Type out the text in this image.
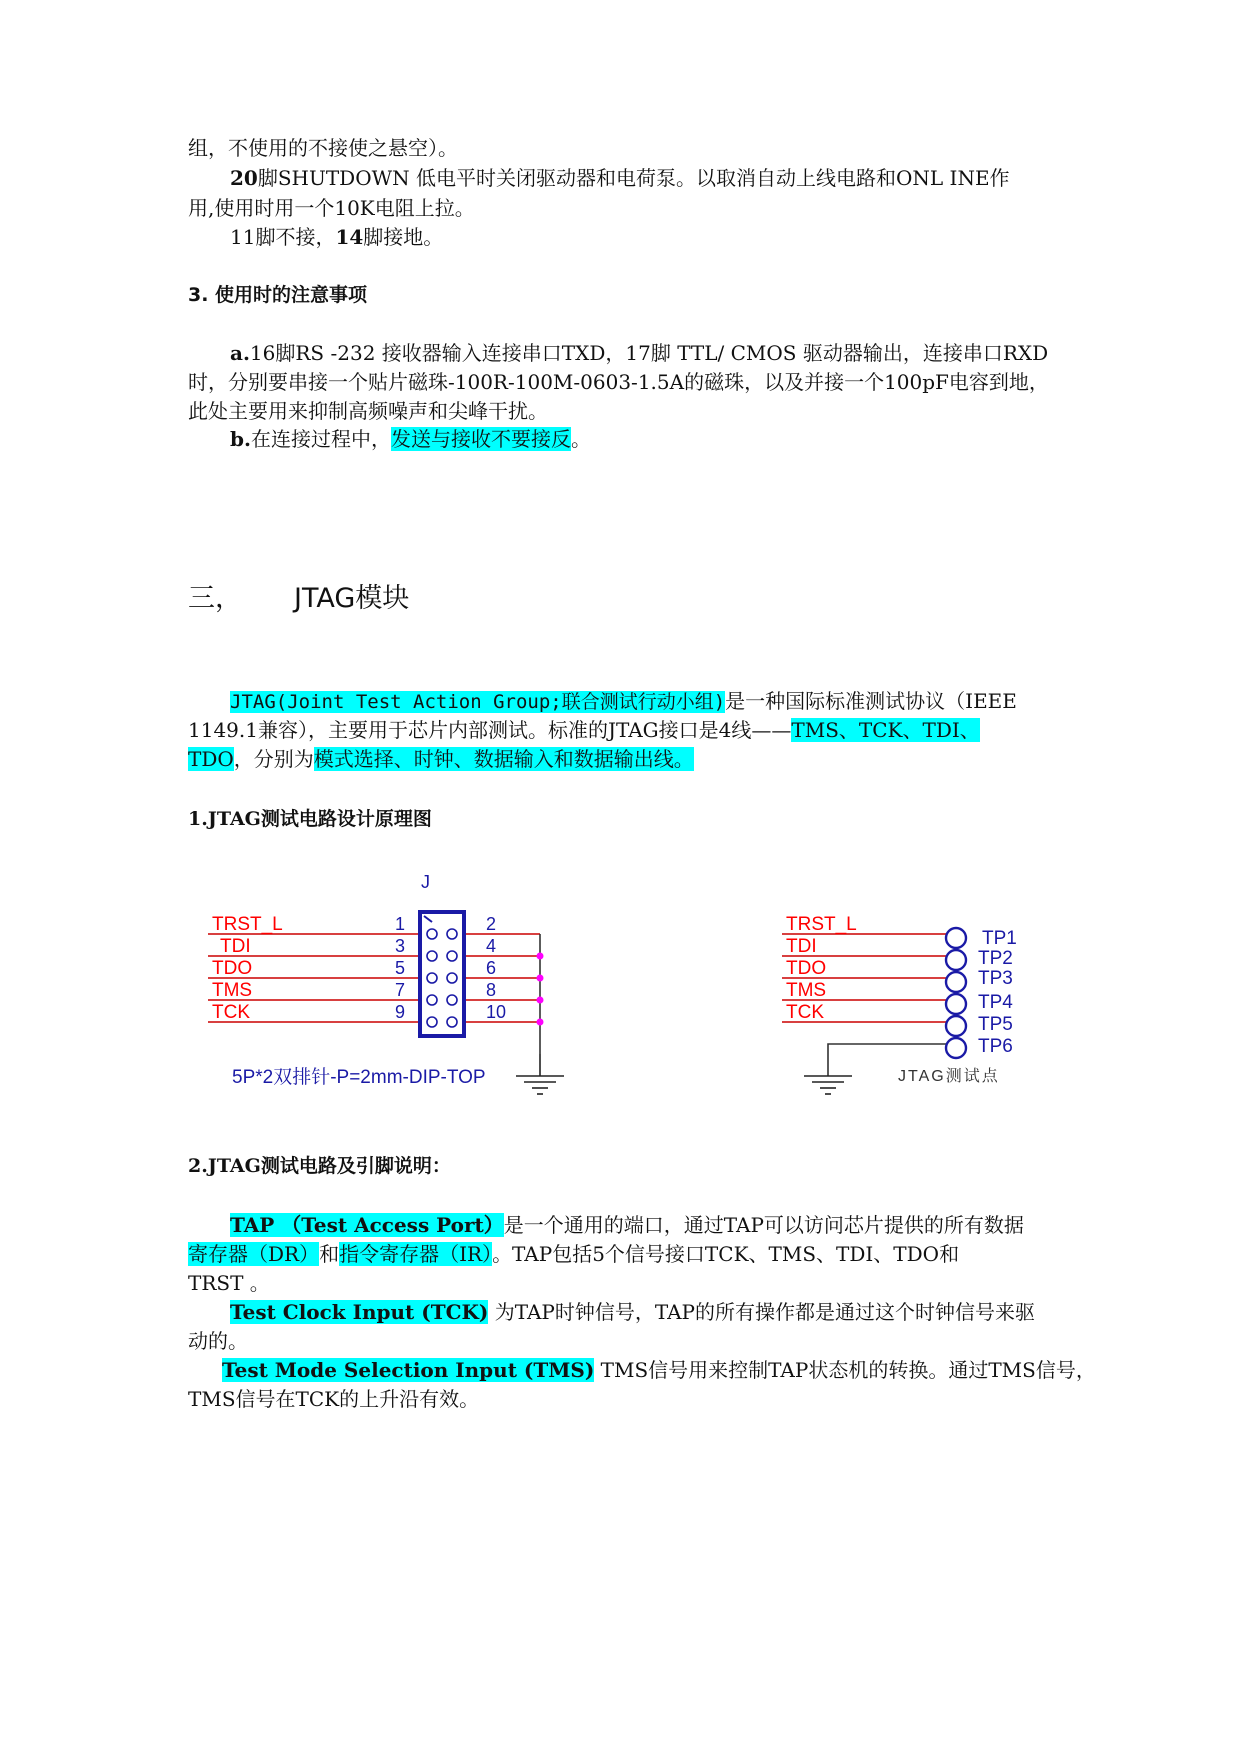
组，不使用的不接使之悬空）。
20脚SHUTDOWN 低电平时关闭驱动器和电荷泵。以取消自动上线电路和ONL INE作
用,使用时用一个10K电阻上拉。
11脚不接，14脚接地。
3. 使用时的注意事项
a.16脚RS -232 接收器输入连接串口TXD，17脚 TTL/ CMOS 驱动器输出，连接串口RXD
时，分别要串接一个贴片磁珠-100R-100M-0603-1.5A的磁珠，以及并接一个100pF电容到地，
此处主要用来抑制高频噪声和尖峰干扰。
b.在连接过程中，发送与接收不要接反。
三， JTAG模块
JTAG(Joint Test Action Group;联合测试行动小组)是一种国际标准测试协议（IEEE
1149.1兼容），主要用于芯片内部测试。标准的JTAG接口是4线——TMS、TCK、TDI、
TDO，分别为模式选择、时钟、数据输入和数据输出线。
1.JTAG测试电路设计原理图
J
TRST_L
TDI
TDO
TMS
TCK
1
3
5
7
9
2
4
6
8
10
5P*2双排针-P=2mm-DIP-TOP
TRST_L
TDI
TDO
TMS
TCK
TP1
TP2
TP3
TP4
TP5
TP6
JTAG测试点
2.JTAG测试电路及引脚说明：
TAP （Test Access Port）是一个通用的端口，通过TAP可以访问芯片提供的所有数据
寄存器（DR）和指令寄存器（IR）。TAP包括5个信号接口TCK、TMS、TDI、TDO和
TRST 。
Test Clock Input (TCK) 为TAP时钟信号，TAP的所有操作都是通过这个时钟信号来驱
动的。
Test Mode Selection Input (TMS) TMS信号用来控制TAP状态机的转换。通过TMS信号，
TMS信号在TCK的上升沿有效。
